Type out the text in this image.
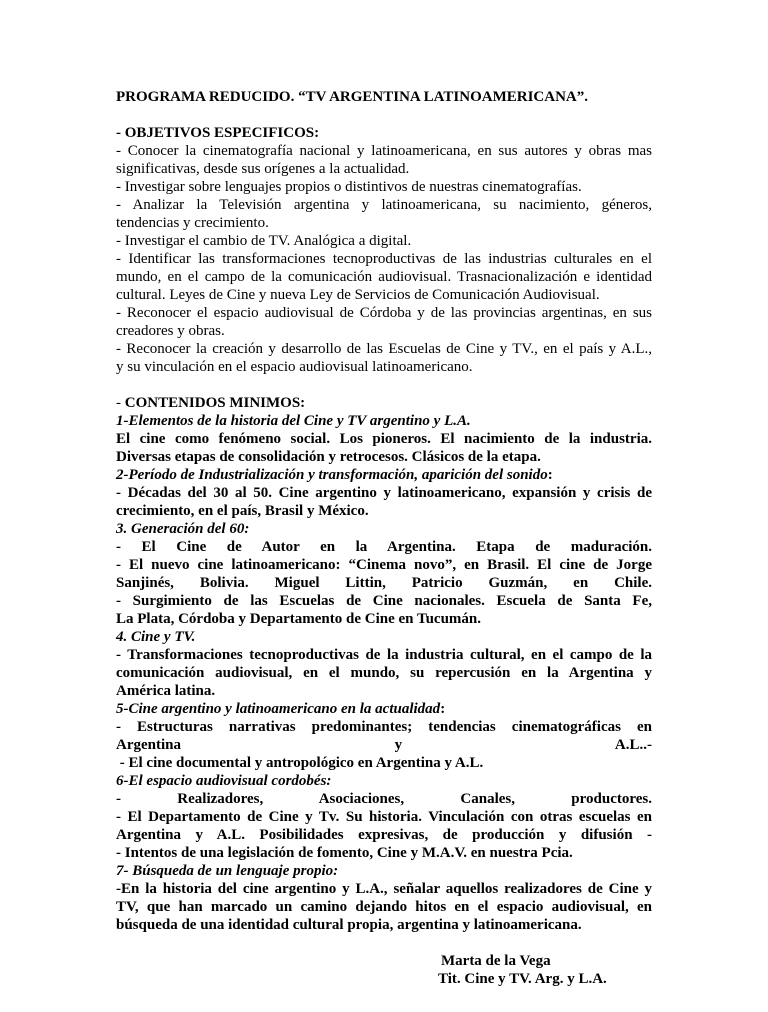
PROGRAMA REDUCIDO. “TV ARGENTINA LATINOAMERICANA”.
- OBJETIVOS ESPECIFICOS:
- Conocer la cinematografía nacional y latinoamericana, en sus autores y obras mas
significativas, desde sus orígenes a la actualidad.
- Investigar sobre lenguajes propios o distintivos de nuestras cinematografías.
- Analizar la Televisión argentina y latinoamericana, su nacimiento, géneros,
tendencias y crecimiento.
- Investigar el cambio de TV. Analógica a digital.
- Identificar las transformaciones tecnoproductivas de las industrias culturales en el
mundo, en el campo de la comunicación audiovisual. Trasnacionalización e identidad
cultural. Leyes de Cine y nueva Ley de Servicios de Comunicación Audiovisual.
- Reconocer el espacio audiovisual de Córdoba y de las provincias argentinas, en sus
creadores y obras.
- Reconocer la creación y desarrollo de las Escuelas de Cine y TV., en el país y A.L.,
y su vinculación en el espacio audiovisual latinoamericano.
- CONTENIDOS MINIMOS:
1-Elementos de la historia del Cine y TV argentino y L.A.
El cine como fenómeno social. Los pioneros. El nacimiento de la industria.
Diversas etapas de consolidación y retrocesos. Clásicos de la etapa.
2-Período de Industrialización y transformación, aparición del sonido:
- Décadas del 30 al 50. Cine argentino y latinoamericano, expansión y crisis de
crecimiento, en el país, Brasil y México.
3. Generación del 60:
- El Cine de Autor en la Argentina. Etapa de maduración.
- El nuevo cine latinoamericano: “Cinema novo”, en Brasil. El cine de Jorge
Sanjinés, Bolivia. Miguel Littin, Patricio Guzmán, en Chile.
- Surgimiento de las Escuelas de Cine nacionales. Escuela de Santa Fe,
La Plata, Córdoba y Departamento de Cine en Tucumán.
4. Cine y TV.
- Transformaciones tecnoproductivas de la industria cultural, en el campo de la
comunicación audiovisual, en el mundo, su repercusión en la Argentina y
América latina.
5-Cine argentino y latinoamericano en la actualidad:
- Estructuras narrativas predominantes; tendencias cinematográficas en
Argentina y A.L..-
- El cine documental y antropológico en Argentina y A.L.
6-El espacio audiovisual cordobés:
- Realizadores, Asociaciones, Canales, productores.
- El Departamento de Cine y Tv. Su historia. Vinculación con otras escuelas en
Argentina y A.L. Posibilidades expresivas, de producción y difusión -
- Intentos de una legislación de fomento, Cine y M.A.V. en nuestra Pcia.
7- Búsqueda de un lenguaje propio:
-En la historia del cine argentino y L.A., señalar aquellos realizadores de Cine y
TV, que han marcado un camino dejando hitos en el espacio audiovisual, en
búsqueda de una identidad cultural propia, argentina y latinoamericana.
Marta de la Vega
Tit. Cine y TV. Arg. y L.A.
